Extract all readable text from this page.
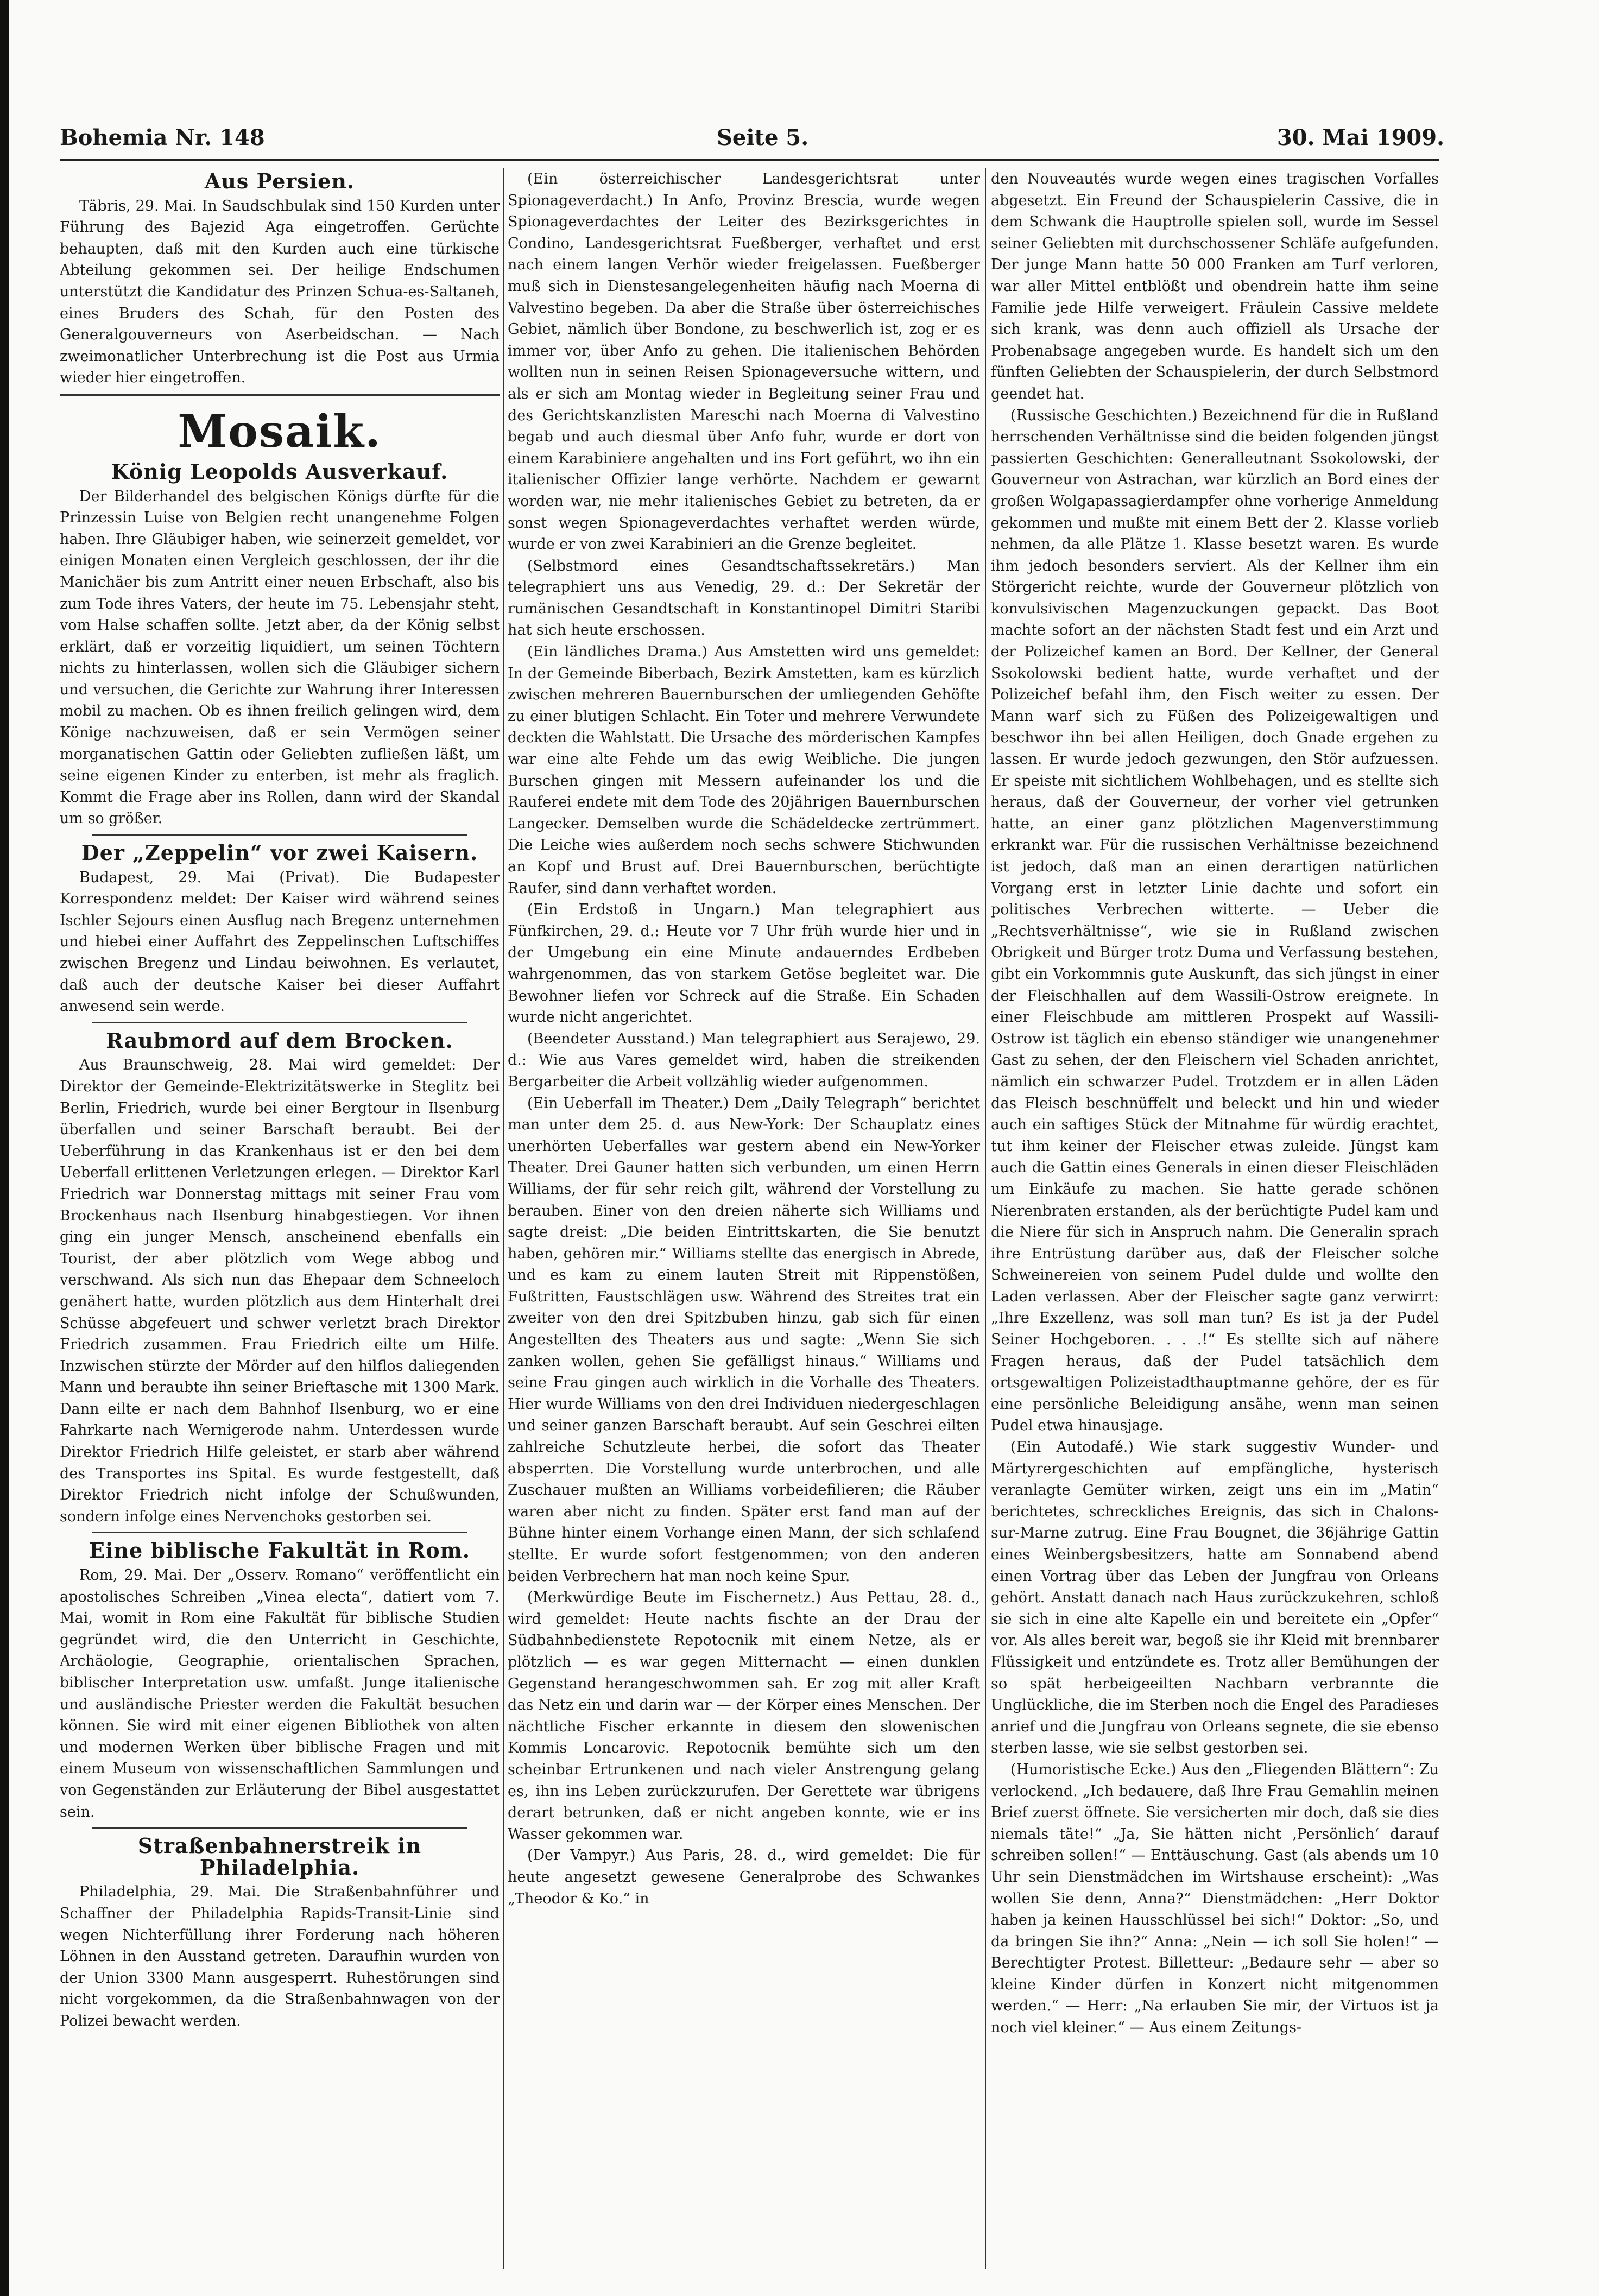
Bohemia Nr. 148	Seite 5.	30. Mai 1909.
Aus Persien.

Täbris, 29. Mai. In Saudschbulak sind 150 Kurden unter Führung des Bajezid Aga eingetroffen. Gerüchte behaupten, daß mit den Kurden auch eine türkische Abteilung gekommen sei. Der heilige Endschumen unterstützt die Kandidatur des Prinzen Schua-es-Saltaneh, eines Bruders des Schah, für den Posten des Generalgouverneurs von Aserbeidschan. — Nach zweimonatlicher Unterbrechung ist die Post aus Urmia wieder hier eingetroffen.

Mosaik.
König Leopolds Ausverkauf.

Der Bilderhandel des belgischen Königs dürfte für die Prinzessin Luise von Belgien recht unangenehme Folgen haben. Ihre Gläubiger haben, wie seinerzeit gemeldet, vor einigen Monaten einen Vergleich geschlossen, der ihr die Manichäer bis zum Antritt einer neuen Erbschaft, also bis zum Tode ihres Vaters, der heute im 75. Lebensjahr steht, vom Halse schaffen sollte. Jetzt aber, da der König selbst erklärt, daß er vorzeitig liquidiert, um seinen Töchtern nichts zu hinterlassen, wollen sich die Gläubiger sichern und versuchen, die Gerichte zur Wahrung ihrer Interessen mobil zu machen. Ob es ihnen freilich gelingen wird, dem Könige nachzuweisen, daß er sein Vermögen seiner morganatischen Gattin oder Geliebten zufließen läßt, um seine eigenen Kinder zu enterben, ist mehr als fraglich. Kommt die Frage aber ins Rollen, dann wird der Skandal um so größer.

Der „Zeppelin“ vor zwei Kaisern.

Budapest, 29. Mai (Privat). Die Budapester Korrespondenz meldet: Der Kaiser wird während seines Ischler Sejours einen Ausflug nach Bregenz unternehmen und hiebei einer Auffahrt des Zeppelinschen Luftschiffes zwischen Bregenz und Lindau beiwohnen. Es verlautet, daß auch der deutsche Kaiser bei dieser Auffahrt anwesend sein werde.

Raubmord auf dem Brocken.

Aus Braunschweig, 28. Mai wird gemeldet: Der Direktor der Gemeinde-Elektrizitätswerke in Steglitz bei Berlin, Friedrich, wurde bei einer Bergtour in Ilsenburg überfallen und seiner Barschaft beraubt. Bei der Ueberführung in das Krankenhaus ist er den bei dem Ueberfall erlittenen Verletzungen erlegen. — Direktor Karl Friedrich war Donnerstag mittags mit seiner Frau vom Brockenhaus nach Ilsenburg hinabgestiegen. Vor ihnen ging ein junger Mensch, anscheinend ebenfalls ein Tourist, der aber plötzlich vom Wege abbog und verschwand. Als sich nun das Ehepaar dem Schneeloch genähert hatte, wurden plötzlich aus dem Hinterhalt drei Schüsse abgefeuert und schwer verletzt brach Direktor Friedrich zusammen. Frau Friedrich eilte um Hilfe. Inzwischen stürzte der Mörder auf den hilflos daliegenden Mann und beraubte ihn seiner Brieftasche mit 1300 Mark. Dann eilte er nach dem Bahnhof Ilsenburg, wo er eine Fahrkarte nach Wernigerode nahm. Unterdessen wurde Direktor Friedrich Hilfe geleistet, er starb aber während des Transportes ins Spital. Es wurde festgestellt, daß Direktor Friedrich nicht infolge der Schußwunden, sondern infolge eines Nervenchoks gestorben sei.

Eine biblische Fakultät in Rom.

Rom, 29. Mai. Der „Osserv. Romano“ veröffentlicht ein apostolisches Schreiben „Vinea electa“, datiert vom 7. Mai, womit in Rom eine Fakultät für biblische Studien gegründet wird, die den Unterricht in Geschichte, Archäologie, Geographie, orientalischen Sprachen, biblischer Interpretation usw. umfaßt. Junge italienische und ausländische Priester werden die Fakultät besuchen können. Sie wird mit einer eigenen Bibliothek von alten und modernen Werken über biblische Fragen und mit einem Museum von wissenschaftlichen Sammlungen und von Gegenständen zur Erläuterung der Bibel ausgestattet sein.

Straßenbahnerstreik in Philadelphia.

Philadelphia, 29. Mai. Die Straßenbahnführer und Schaffner der Philadelphia Rapids-Transit-Linie sind wegen Nichterfüllung ihrer Forderung nach höheren Löhnen in den Ausstand getreten. Daraufhin wurden von der Union 3300 Mann ausgesperrt. Ruhestörungen sind nicht vorgekommen, da die Straßenbahnwagen von der Polizei bewacht werden.

(Ein österreichischer Landesgerichtsrat unter Spionageverdacht.) In Anfo, Provinz Brescia, wurde wegen Spionageverdachtes der Leiter des Bezirksgerichtes in Condino, Landesgerichtsrat Fueßberger, verhaftet und erst nach einem langen Verhör wieder freigelassen. Fueßberger muß sich in Dienstesangelegenheiten häufig nach Moerna di Valvestino begeben. Da aber die Straße über österreichisches Gebiet, nämlich über Bondone, zu beschwerlich ist, zog er es immer vor, über Anfo zu gehen. Die italienischen Behörden wollten nun in seinen Reisen Spionageversuche wittern, und als er sich am Montag wieder in Begleitung seiner Frau und des Gerichtskanzlisten Mareschi nach Moerna di Valvestino begab und auch diesmal über Anfo fuhr, wurde er dort von einem Karabiniere angehalten und ins Fort geführt, wo ihn ein italienischer Offizier lange verhörte. Nachdem er gewarnt worden war, nie mehr italienisches Gebiet zu betreten, da er sonst wegen Spionageverdachtes verhaftet werden würde, wurde er von zwei Karabinieri an die Grenze begleitet.

(Selbstmord eines Gesandtschaftssekretärs.) Man telegraphiert uns aus Venedig, 29. d.: Der Sekretär der rumänischen Gesandtschaft in Konstantinopel Dimitri Staribi hat sich heute erschossen.

(Ein ländliches Drama.) Aus Amstetten wird uns gemeldet: In der Gemeinde Biberbach, Bezirk Amstetten, kam es kürzlich zwischen mehreren Bauernburschen der umliegenden Gehöfte zu einer blutigen Schlacht. Ein Toter und mehrere Verwundete deckten die Wahlstatt. Die Ursache des mörderischen Kampfes war eine alte Fehde um das ewig Weibliche. Die jungen Burschen gingen mit Messern aufeinander los und die Rauferei endete mit dem Tode des 20jährigen Bauernburschen Langecker. Demselben wurde die Schädeldecke zertrümmert. Die Leiche wies außerdem noch sechs schwere Stichwunden an Kopf und Brust auf. Drei Bauernburschen, berüchtigte Raufer, sind dann verhaftet worden.

(Ein Erdstoß in Ungarn.) Man telegraphiert aus Fünfkirchen, 29. d.: Heute vor 7 Uhr früh wurde hier und in der Umgebung ein eine Minute andauerndes Erdbeben wahrgenommen, das von starkem Getöse begleitet war. Die Bewohner liefen vor Schreck auf die Straße. Ein Schaden wurde nicht angerichtet.

(Beendeter Ausstand.) Man telegraphiert aus Serajewo, 29. d.: Wie aus Vares gemeldet wird, haben die streikenden Bergarbeiter die Arbeit vollzählig wieder aufgenommen.

(Ein Ueberfall im Theater.) Dem „Daily Telegraph“ berichtet man unter dem 25. d. aus New-York: Der Schauplatz eines unerhörten Ueberfalles war gestern abend ein New-Yorker Theater. Drei Gauner hatten sich verbunden, um einen Herrn Williams, der für sehr reich gilt, während der Vorstellung zu berauben. Einer von den dreien näherte sich Williams und sagte dreist: „Die beiden Eintrittskarten, die Sie benutzt haben, gehören mir.“ Williams stellte das energisch in Abrede, und es kam zu einem lauten Streit mit Rippenstößen, Fußtritten, Faustschlägen usw. Während des Streites trat ein zweiter von den drei Spitzbuben hinzu, gab sich für einen Angestellten des Theaters aus und sagte: „Wenn Sie sich zanken wollen, gehen Sie gefälligst hinaus.“ Williams und seine Frau gingen auch wirklich in die Vorhalle des Theaters. Hier wurde Williams von den drei Individuen niedergeschlagen und seiner ganzen Barschaft beraubt. Auf sein Geschrei eilten zahlreiche Schutzleute herbei, die sofort das Theater absperrten. Die Vorstellung wurde unterbrochen, und alle Zuschauer mußten an Williams vorbeidefilieren; die Räuber waren aber nicht zu finden. Später erst fand man auf der Bühne hinter einem Vorhange einen Mann, der sich schlafend stellte. Er wurde sofort festgenommen; von den anderen beiden Verbrechern hat man noch keine Spur.

(Merkwürdige Beute im Fischernetz.) Aus Pettau, 28. d., wird gemeldet: Heute nachts fischte an der Drau der Südbahnbedienstete Repotocnik mit einem Netze, als er plötzlich — es war gegen Mitternacht — einen dunklen Gegenstand herangeschwommen sah. Er zog mit aller Kraft das Netz ein und darin war — der Körper eines Menschen. Der nächtliche Fischer erkannte in diesem den slowenischen Kommis Loncarovic. Repotocnik bemühte sich um den scheinbar Ertrunkenen und nach vieler Anstrengung gelang es, ihn ins Leben zurückzurufen. Der Gerettete war übrigens derart betrunken, daß er nicht angeben konnte, wie er ins Wasser gekommen war.

(Der Vampyr.) Aus Paris, 28. d., wird gemeldet: Die für heute angesetzt gewesene Generalprobe des Schwankes „Theodor & Ko.“ in

den Nouveautés wurde wegen eines tragischen Vorfalles abgesetzt. Ein Freund der Schauspielerin Cassive, die in dem Schwank die Hauptrolle spielen soll, wurde im Sessel seiner Geliebten mit durchschossener Schläfe aufgefunden. Der junge Mann hatte 50 000 Franken am Turf verloren, war aller Mittel entblößt und obendrein hatte ihm seine Familie jede Hilfe verweigert. Fräulein Cassive meldete sich krank, was denn auch offiziell als Ursache der Probenabsage angegeben wurde. Es handelt sich um den fünften Geliebten der Schauspielerin, der durch Selbstmord geendet hat.

(Russische Geschichten.) Bezeichnend für die in Rußland herrschenden Verhältnisse sind die beiden folgenden jüngst passierten Geschichten: Generalleutnant Ssokolowski, der Gouverneur von Astrachan, war kürzlich an Bord eines der großen Wolgapassagierdampfer ohne vorherige Anmeldung gekommen und mußte mit einem Bett der 2. Klasse vorlieb nehmen, da alle Plätze 1. Klasse besetzt waren. Es wurde ihm jedoch besonders serviert. Als der Kellner ihm ein Störgericht reichte, wurde der Gouverneur plötzlich von konvulsivischen Magenzuckungen gepackt. Das Boot machte sofort an der nächsten Stadt fest und ein Arzt und der Polizeichef kamen an Bord. Der Kellner, der General Ssokolowski bedient hatte, wurde verhaftet und der Polizeichef befahl ihm, den Fisch weiter zu essen. Der Mann warf sich zu Füßen des Polizeigewaltigen und beschwor ihn bei allen Heiligen, doch Gnade ergehen zu lassen. Er wurde jedoch gezwungen, den Stör aufzuessen. Er speiste mit sichtlichem Wohlbehagen, und es stellte sich heraus, daß der Gouverneur, der vorher viel getrunken hatte, an einer ganz plötzlichen Magenverstimmung erkrankt war. Für die russischen Verhältnisse bezeichnend ist jedoch, daß man an einen derartigen natürlichen Vorgang erst in letzter Linie dachte und sofort ein politisches Verbrechen witterte. — Ueber die „Rechtsverhältnisse“, wie sie in Rußland zwischen Obrigkeit und Bürger trotz Duma und Verfassung bestehen, gibt ein Vorkommnis gute Auskunft, das sich jüngst in einer der Fleischhallen auf dem Wassili-Ostrow ereignete. In einer Fleischbude am mittleren Prospekt auf Wassili-Ostrow ist täglich ein ebenso ständiger wie unangenehmer Gast zu sehen, der den Fleischern viel Schaden anrichtet, nämlich ein schwarzer Pudel. Trotzdem er in allen Läden das Fleisch beschnüffelt und beleckt und hin und wieder auch ein saftiges Stück der Mitnahme für würdig erachtet, tut ihm keiner der Fleischer etwas zuleide. Jüngst kam auch die Gattin eines Generals in einen dieser Fleischläden um Einkäufe zu machen. Sie hatte gerade schönen Nierenbraten erstanden, als der berüchtigte Pudel kam und die Niere für sich in Anspruch nahm. Die Generalin sprach ihre Entrüstung darüber aus, daß der Fleischer solche Schweinereien von seinem Pudel dulde und wollte den Laden verlassen. Aber der Fleischer sagte ganz verwirrt: „Ihre Exzellenz, was soll man tun? Es ist ja der Pudel Seiner Hochgeboren. . . .!“ Es stellte sich auf nähere Fragen heraus, daß der Pudel tatsächlich dem ortsgewaltigen Polizeistadthauptmanne gehöre, der es für eine persönliche Beleidigung ansähe, wenn man seinen Pudel etwa hinausjage.

(Ein Autodafé.) Wie stark suggestiv Wunder- und Märtyrergeschichten auf empfängliche, hysterisch veranlagte Gemüter wirken, zeigt uns ein im „Matin“ berichtetes, schreckliches Ereignis, das sich in Chalons-sur-Marne zutrug. Eine Frau Bougnet, die 36jährige Gattin eines Weinbergsbesitzers, hatte am Sonnabend abend einen Vortrag über das Leben der Jungfrau von Orleans gehört. Anstatt danach nach Haus zurückzukehren, schloß sie sich in eine alte Kapelle ein und bereitete ein „Opfer“ vor. Als alles bereit war, begoß sie ihr Kleid mit brennbarer Flüssigkeit und entzündete es. Trotz aller Bemühungen der so spät herbeigeeilten Nachbarn verbrannte die Unglückliche, die im Sterben noch die Engel des Paradieses anrief und die Jungfrau von Orleans segnete, die sie ebenso sterben lasse, wie sie selbst gestorben sei.

(Humoristische Ecke.) Aus den „Fliegenden Blättern“: Zu verlockend. „Ich bedauere, daß Ihre Frau Gemahlin meinen Brief zuerst öffnete. Sie versicherten mir doch, daß sie dies niemals täte!“ „Ja, Sie hätten nicht ‚Persönlich‘ darauf schreiben sollen!“ — Enttäuschung. Gast (als abends um 10 Uhr sein Dienstmädchen im Wirtshause erscheint): „Was wollen Sie denn, Anna?“ Dienstmädchen: „Herr Doktor haben ja keinen Hausschlüssel bei sich!“ Doktor: „So, und da bringen Sie ihn?“ Anna: „Nein — ich soll Sie holen!“ — Berechtigter Protest. Billetteur: „Bedaure sehr — aber so kleine Kinder dürfen in Konzert nicht mitgenommen werden.“ — Herr: „Na erlauben Sie mir, der Virtuos ist ja noch viel kleiner.“ — Aus einem Zeitungs-
